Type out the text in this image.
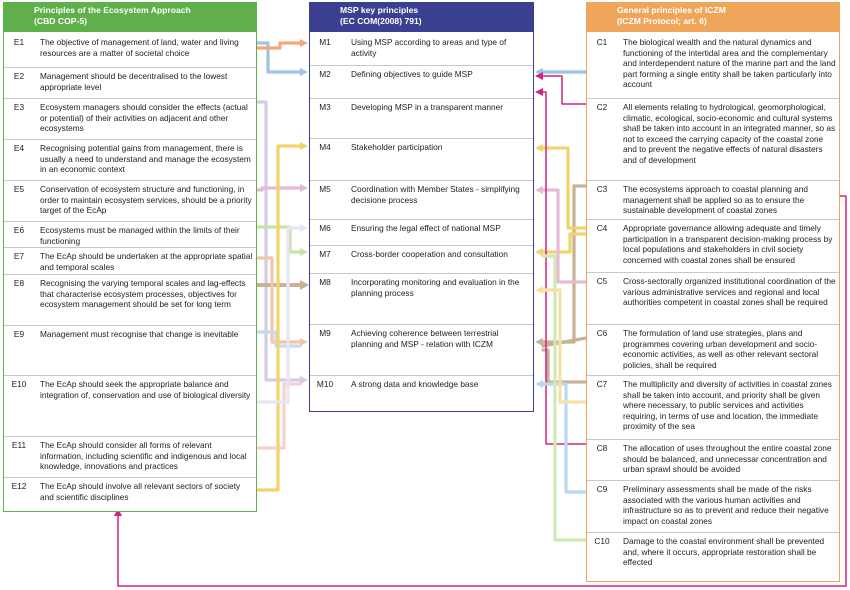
Principles of the Ecosystem Approach
(CBD COP-5)
E1	The objective of management of land, water and living resources are a matter of societal choice
E2	Management should be decentralised to the lowest appropriate level
E3	Ecosystem managers should consider the effects (actual or potential) of their activities on adjacent and other ecosystems
E4	Recognising potential gains from management, there is usually a need to understand and manage the ecosystem in an economic context
E5	Conservation of ecosystem structure and functioning, in order to maintain ecosystem services, should be a priority target of the EcAp
E6	Ecosystems must be managed within the limits of their functioning
E7	The EcAp should be undertaken at the appropriate spatial and temporal scales
E8	Recognising the varying temporal scales and lag-effects that characterise ecosystem processes, objectives for ecosystem management should be set for long term
E9	Management must recognise that change is inevitable
E10	The EcAp should seek the appropriate balance and integration of, conservation and use of biological diversity
E11	The EcAp should consider all forms of relevant information, including scientific and indigenous and local knowledge, innovations and practices
E12	The EcAp should involve all relevant sectors of society and scientific disciplines
MSP key principles
(EC COM(2008) 791)
M1	Using MSP according to areas and type of activity
M2	Defining objectives to guide MSP
M3	Developing MSP in a transparent manner
M4	Stakeholder participation
M5	Coordination with Member States - simplifying decisione process
M6	Ensuring the legal effect of national MSP
M7	Cross-border cooperation and consultation
M8	Incorporating monitoring and evaluation in the planning process
M9	Achieving coherence between terrestrial planning and MSP - relation with ICZM
M10	A strong data and knowledge base
General principles of ICZM
(ICZM Protocol; art. 6)
C1	The biological wealth and the natural dynamics and functioning of the intertidal area and the complementary and interdependent nature of the marine part and the land part forming a single entity shall be taken particularly into account
C2	All elements relating to hydrological, geomorphological, climatic, ecological, socio-economic and cultural systems shall be taken into account in an integrated manner, so as not to exceed the carrying capacity of the coastal zone and to prevent the negative effects of natural disasters and of development
C3	The ecosystems approach to coastal planning and management shall be applied so as to ensure the sustainable development of coastal zones
C4	Appropriate governance allowing adequate and timely participation in a transparent decision-making process by local populations and stakeholders in civil society concerned with coastal zones shall be ensured
C5	Cross-sectorally organized institutional coordination of the various administrative services and regional and local authorities competent in coastal zones shall be required
C6	The formulation of land use strategies, plans and programmes covering urban development and socio-economic activities, as well as other relevant sectoral policies, shall be required
C7	The multiplicity and diversity of activities in coastal zones shall be taken into account, and priority shall be given where necessary, to public services and activities requiring, in terms of use and location, the immediate proximity of the sea
C8	The allocation of uses throughout the entire coastal zone should be balanced, and unnecessar concentration and urban sprawl should be avoided
C9	Preliminary assessments shall be made of the risks associated with the various human activities and infrastructure so as to prevent and reduce their negative impact on coastal zones
C10	Damage to the coastal environment shall be prevented and, where it occurs, appropriate restoration shall be effected
